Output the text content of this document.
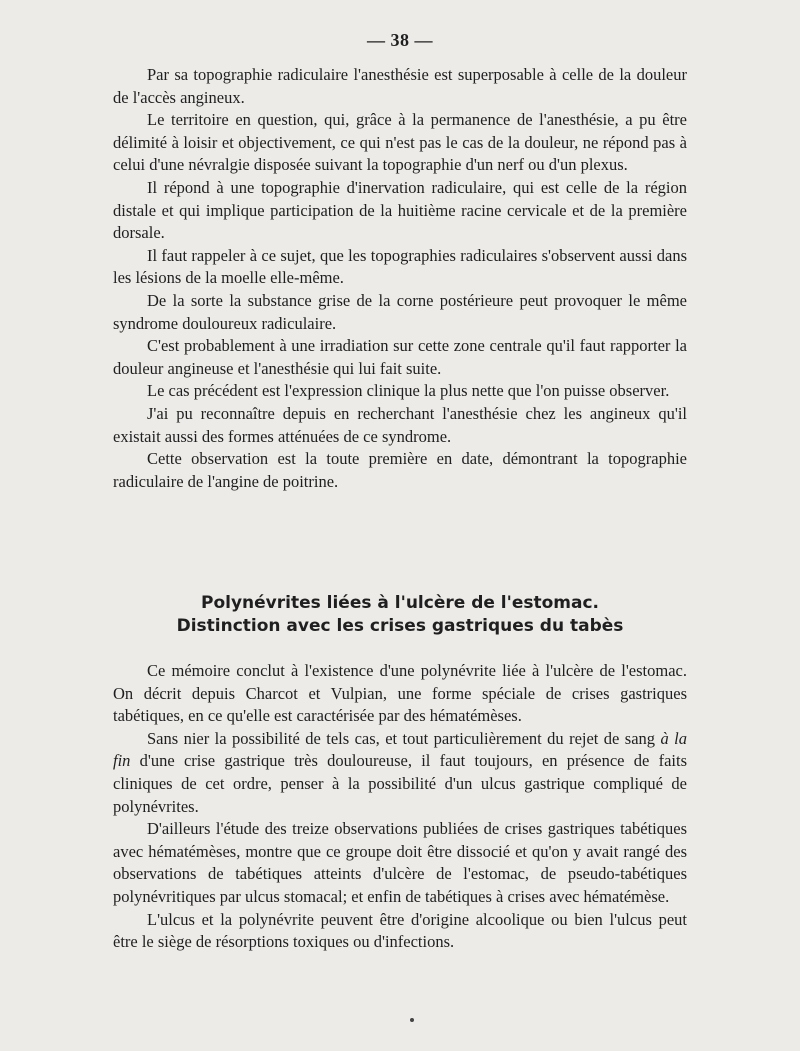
— 38 —

Par sa topographie radiculaire l'anesthésie est superposable à celle de la douleur de l'accès angineux.

Le territoire en question, qui, grâce à la permanence de l'anesthésie, a pu être délimité à loisir et objectivement, ce qui n'est pas le cas de la douleur, ne répond pas à celui d'une névralgie disposée suivant la topographie d'un nerf ou d'un plexus.

Il répond à une topographie d'inervation radiculaire, qui est celle de la région distale et qui implique participation de la huitième racine cervicale et de la première dorsale.

Il faut rappeler à ce sujet, que les topographies radiculaires s'observent aussi dans les lésions de la moelle elle-même.

De la sorte la substance grise de la corne postérieure peut provoquer le même syndrome douloureux radiculaire.

C'est probablement à une irradiation sur cette zone centrale qu'il faut rapporter la douleur angineuse et l'anesthésie qui lui fait suite.

Le cas précédent est l'expression clinique la plus nette que l'on puisse observer.

J'ai pu reconnaître depuis en recherchant l'anesthésie chez les angineux qu'il existait aussi des formes atténuées de ce syndrome.

Cette observation est la toute première en date, démontrant la topographie radiculaire de l'angine de poitrine.

Polynévrites liées à l'ulcère de l'estomac.
Distinction avec les crises gastriques du tabès

Ce mémoire conclut à l'existence d'une polynévrite liée à l'ulcère de l'estomac. On décrit depuis Charcot et Vulpian, une forme spéciale de crises gastriques tabétiques, en ce qu'elle est caractérisée par des hématémèses.

Sans nier la possibilité de tels cas, et tout particulièrement du rejet de sang à la fin d'une crise gastrique très douloureuse, il faut toujours, en présence de faits cliniques de cet ordre, penser à la possibilité d'un ulcus gastrique compliqué de polynévrites.

D'ailleurs l'étude des treize observations publiées de crises gastriques tabétiques avec hématémèses, montre que ce groupe doit être dissocié et qu'on y avait rangé des observations de tabétiques atteints d'ulcère de l'estomac, de pseudo-tabétiques polynévritiques par ulcus stomacal; et enfin de tabétiques à crises avec hématémèse.

L'ulcus et la polynévrite peuvent être d'origine alcoolique ou bien l'ulcus peut être le siège de résorptions toxiques ou d'infections.
